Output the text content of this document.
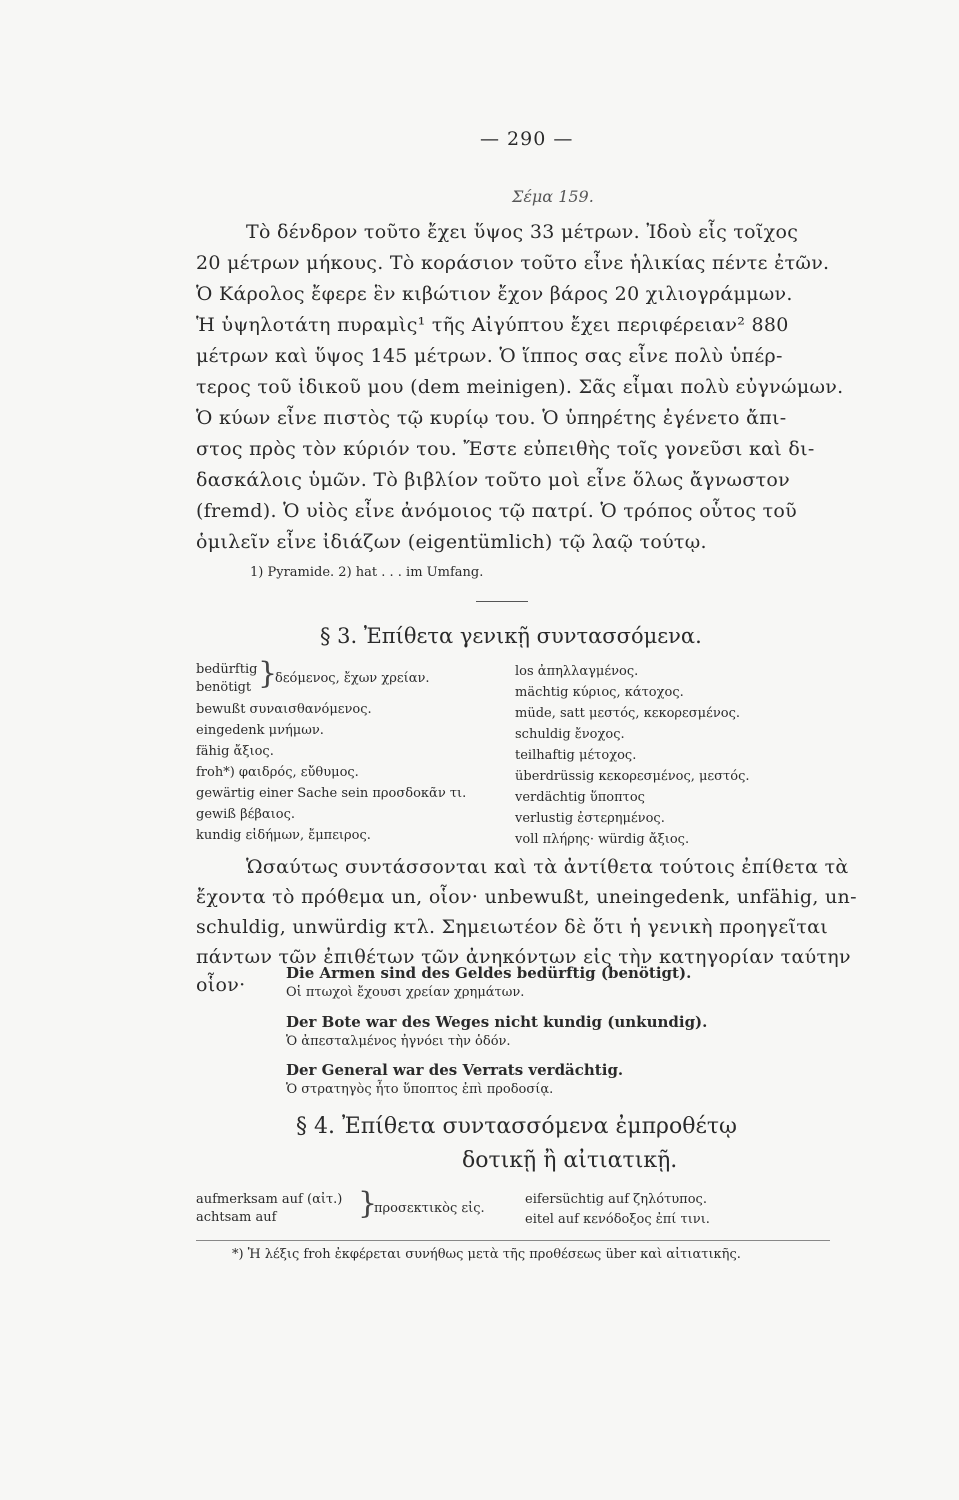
— 290 —
Σέμα 159.
Τὸ δένδρον τοῦτο ἔχει ὕψος 33 μέτρων. Ἰδοὺ εἷς τοῖχος
20 μέτρων μήκους. Τὸ κοράσιον τοῦτο εἶνε ἡλικίας πέντε ἐτῶν.
Ὁ Κάρολος ἔφερε ἓν κιβώτιον ἔχον βάρος 20 χιλιογράμμων.
Ἡ ὑψηλοτάτη πυραμὶς¹ τῆς Αἰγύπτου ἔχει περιφέρειαν² 880
μέτρων καὶ ὕψος 145 μέτρων. Ὁ ἵππος σας εἶνε πολὺ ὑπέρ-
τερος τοῦ ἰδικοῦ μου (dem meinigen). Σᾶς εἶμαι πολὺ εὐγνώμων.
Ὁ κύων εἶνε πιστὸς τῷ κυρίῳ του. Ὁ ὑπηρέτης ἐγένετο ἄπι-
στος πρὸς τὸν κύριόν του. Ἔστε εὐπειθὴς τοῖς γονεῦσι καὶ δι-
δασκάλοις ὑμῶν. Τὸ βιβλίον τοῦτο μοὶ εἶνε ὅλως ἄγνωστον
(fremd). Ὁ υἱὸς εἶνε ἀνόμοιος τῷ πατρί. Ὁ τρόπος οὗτος τοῦ
ὁμιλεῖν εἶνε ἰδιάζων (eigentümlich) τῷ λαῷ τούτῳ.
1) Pyramide. 2) hat . . . im Umfang.
§ 3. Ἐπίθετα γενικῇ συντασσόμενα.
bedürftig
benötigt }
δεόμενος, ἔχων χρείαν.
bewußt συναισθανόμενος.
eingedenk μνήμων.
fähig ἄξιος.
froh*) φαιδρός, εὔθυμος.
gewärtig einer Sache sein προσδοκᾶν τι.
gewiß βέβαιος.
kundig εἰδήμων, ἔμπειρος.
los ἀπηλλαγμένος.
mächtig κύριος, κάτοχος.
müde, satt μεστός, κεκορεσμένος.
schuldig ἔνοχος.
teilhaftig μέτοχος.
überdrüssig κεκορεσμένος, μεστός.
verdächtig ὕποπτος
verlustig ἐστερημένος.
voll πλήρης· würdig ἄξιος.
Ὡσαύτως συντάσσονται καὶ τὰ ἀντίθετα τούτοις ἐπίθετα τὰ
ἔχοντα τὸ πρόθεμα un, οἷον· unbewußt, uneingedenk, unfähig, un-
schuldig, unwürdig κτλ. Σημειωτέον δὲ ὅτι ἡ γενικὴ προηγεῖται
πάντων τῶν ἐπιθέτων τῶν ἀνηκόντων εἰς τὴν κατηγορίαν ταύτην
οἷον·
Die Armen sind des Geldes bedürftig (benötigt).
Οἱ πτωχοὶ ἔχουσι χρείαν χρημάτων.
Der Bote war des Weges nicht kundig (unkundig).
Ὁ ἀπεσταλμένος ἠγνόει τὴν ὁδόν.
Der General war des Verrats verdächtig.
Ὁ στρατηγὸς ἦτο ὕποπτος ἐπὶ προδοσίᾳ.
§ 4. Ἐπίθετα συντασσόμενα ἐμπροθέτῳ
δοτικῇ ἢ αἰτιατικῇ.
aufmerksam auf (αἰτ.)
achtsam auf	}
προσεκτικὸς εἰς.
eifersüchtig auf ζηλότυπος.
eitel auf κενόδοξος ἐπί τινι.
*) Ἡ λέξις froh ἐκφέρεται συνήθως μετὰ τῆς προθέσεως über καὶ αἰτιατικῆς.
